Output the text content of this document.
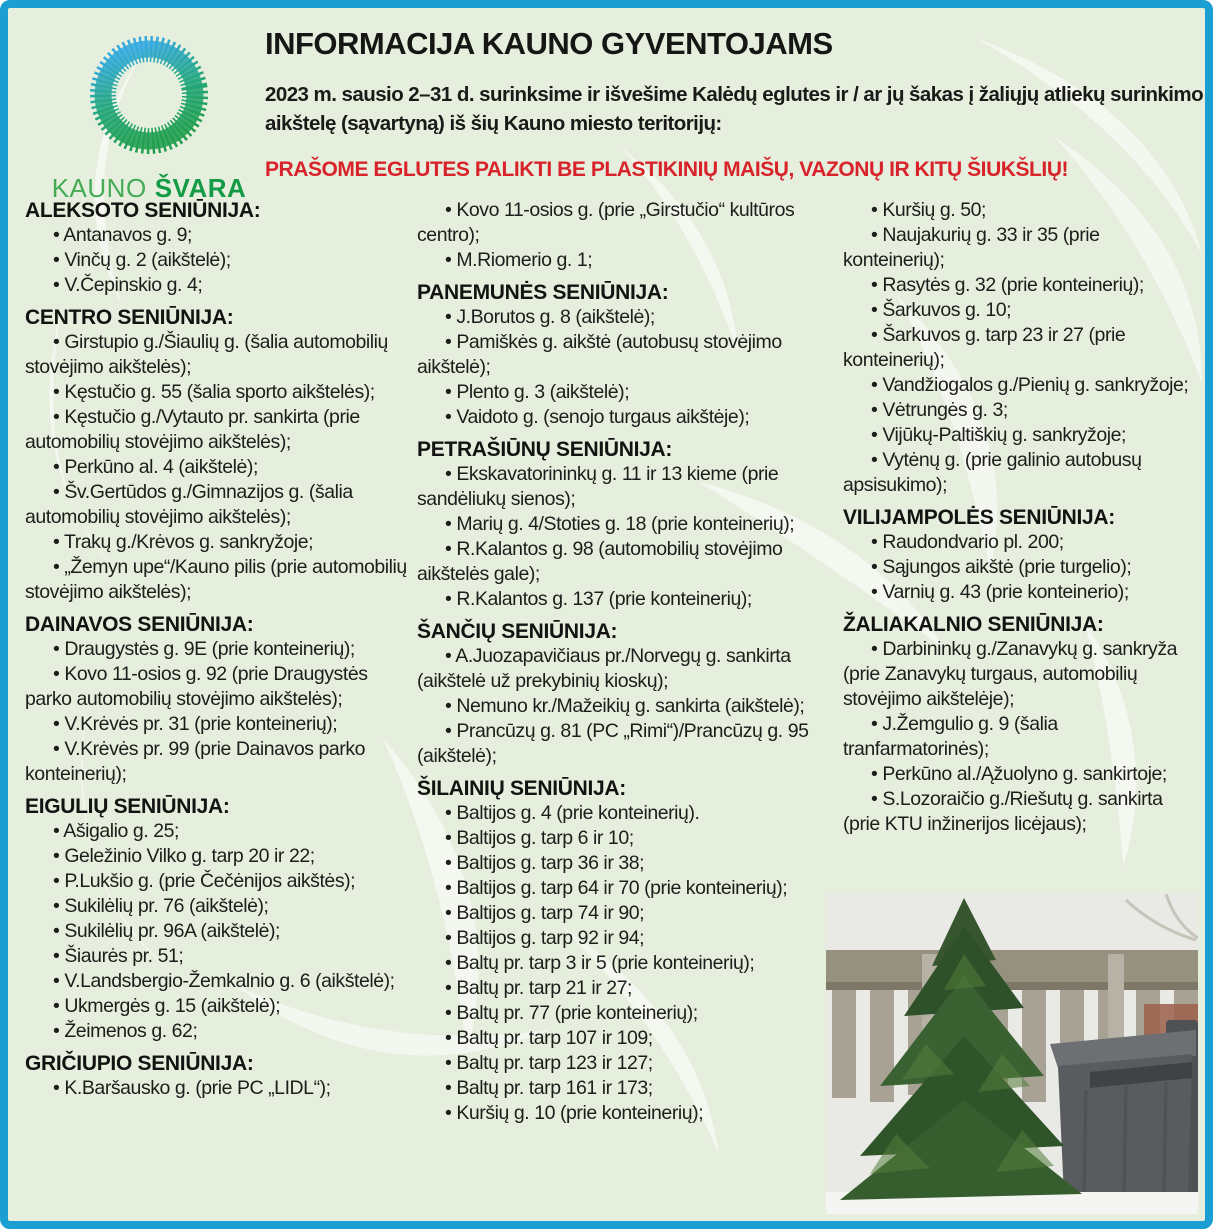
KAUNO ŠVARA
INFORMACIJA KAUNO GYVENTOJAMS

2023 m. sausio 2–31 d. surinksime ir išvešime Kalėdų eglutes ir / ar jų šakas į žaliųjų atliekų surinkimo aikštelę (sąvartyną) iš šių Kauno miesto teritorijų:

PRAŠOME EGLUTES PALIKTI BE PLASTIKINIŲ MAIŠŲ, VAZONŲ IR KITŲ ŠIUKŠLIŲ!

ALEKSOTO SENIŪNIJA:

• Antanavos g. 9;

• Vinčų g. 2 (aikštelė);

• V.Čepinskio g. 4;

CENTRO SENIŪNIJA:

• Girstupio g./Šiaulių g. (šalia automobilių stovėjimo aikštelės);

• Kęstučio g. 55 (šalia sporto aikštelės);

• Kęstučio g./Vytauto pr. sankirta (prie automobilių stovėjimo aikštelės);

• Perkūno al. 4 (aikštelė);

• Šv.Gertūdos g./Gimnazijos g. (šalia automobilių stovėjimo aikštelės);

• Trakų g./Krėvos g. sankryžoje;

• „Žemyn upe“/Kauno pilis (prie automobilių stovėjimo aikštelės);

DAINAVOS SENIŪNIJA:

• Draugystės g. 9E (prie konteinerių);

• Kovo 11-osios g. 92 (prie Draugystės parko automobilių stovėjimo aikštelės);

• V.Krėvės pr. 31 (prie konteinerių);

• V.Krėvės pr. 99 (prie Dainavos parko konteinerių);

EIGULIŲ SENIŪNIJA:

• Ašigalio g. 25;

• Geležinio Vilko g. tarp 20 ir 22;

• P.Lukšio g. (prie Čečėnijos aikštės);

• Sukilėlių pr. 76 (aikštelė);

• Sukilėlių pr. 96A (aikštelė);

• Šiaurės pr. 51;

• V.Landsbergio-Žemkalnio g. 6 (aikštelė);

• Ukmergės g. 15 (aikštelė);

• Žeimenos g. 62;

GRIČIUPIO SENIŪNIJA:

• K.Baršausko g. (prie PC „LIDL“);

• Kovo 11-osios g. (prie „Girstučio“ kultūros centro);

• M.Riomerio g. 1;

PANEMUNĖS SENIŪNIJA:

• J.Borutos g. 8 (aikštelė);

• Pamiškės g. aikštė (autobusų stovėjimo aikštelė);

• Plento g. 3 (aikštelė);

• Vaidoto g. (senojo turgaus aikštėje);

PETRAŠIŪNŲ SENIŪNIJA:

• Ekskavatorininkų g. 11 ir 13 kieme (prie sandėliukų sienos);

• Marių g. 4/Stoties g. 18 (prie konteinerių);

• R.Kalantos g. 98 (automobilių stovėjimo aikštelės gale);

• R.Kalantos g. 137 (prie konteinerių);

ŠANČIŲ SENIŪNIJA:

• A.Juozapavičiaus pr./Norvegų g. sankirta (aikštelė už prekybinių kioskų);

• Nemuno kr./Mažeikių g. sankirta (aikštelė);

• Prancūzų g. 81 (PC „Rimi“)/Prancūzų g. 95 (aikštelė);

ŠILAINIŲ SENIŪNIJA:

• Baltijos g. 4 (prie konteinerių).

• Baltijos g. tarp 6 ir 10;

• Baltijos g. tarp 36 ir 38;

• Baltijos g. tarp 64 ir 70 (prie konteinerių);

• Baltijos g. tarp 74 ir 90;

• Baltijos g. tarp 92 ir 94;

• Baltų pr. tarp 3 ir 5 (prie konteinerių);

• Baltų pr. tarp 21 ir 27;

• Baltų pr. 77 (prie konteinerių);

• Baltų pr. tarp 107 ir 109;

• Baltų pr. tarp 123 ir 127;

• Baltų pr. tarp 161 ir 173;

• Kuršių g. 10 (prie konteinerių);

• Kuršių g. 50;

• Naujakurių g. 33 ir 35 (prie konteinerių);

• Rasytės g. 32 (prie konteinerių);

• Šarkuvos g. 10;

• Šarkuvos g. tarp 23 ir 27 (prie konteinerių);

• Vandžiogalos g./Pienių g. sankryžoje;

• Vėtrungės g. 3;

• Vijūkų-Paltiškių g. sankryžoje;

• Vytėnų g. (prie galinio autobusų apsisukimo);

VILIJAMPOLĖS SENIŪNIJA:

• Raudondvario pl. 200;

• Sąjungos aikštė (prie turgelio);

• Varnių g. 43 (prie konteinerio);

ŽALIAKALNIO SENIŪNIJA:

• Darbininkų g./Zanavykų g. sankryža (prie Zanavykų turgaus, automobilių stovėjimo aikštelėje);

• J.Žemgulio g. 9 (šalia tranfarmatorinės);

• Perkūno al./Ąžuolyno g. sankirtoje;

• S.Lozoraičio g./Riešutų g. sankirta (prie KTU inžinerijos licėjaus);
